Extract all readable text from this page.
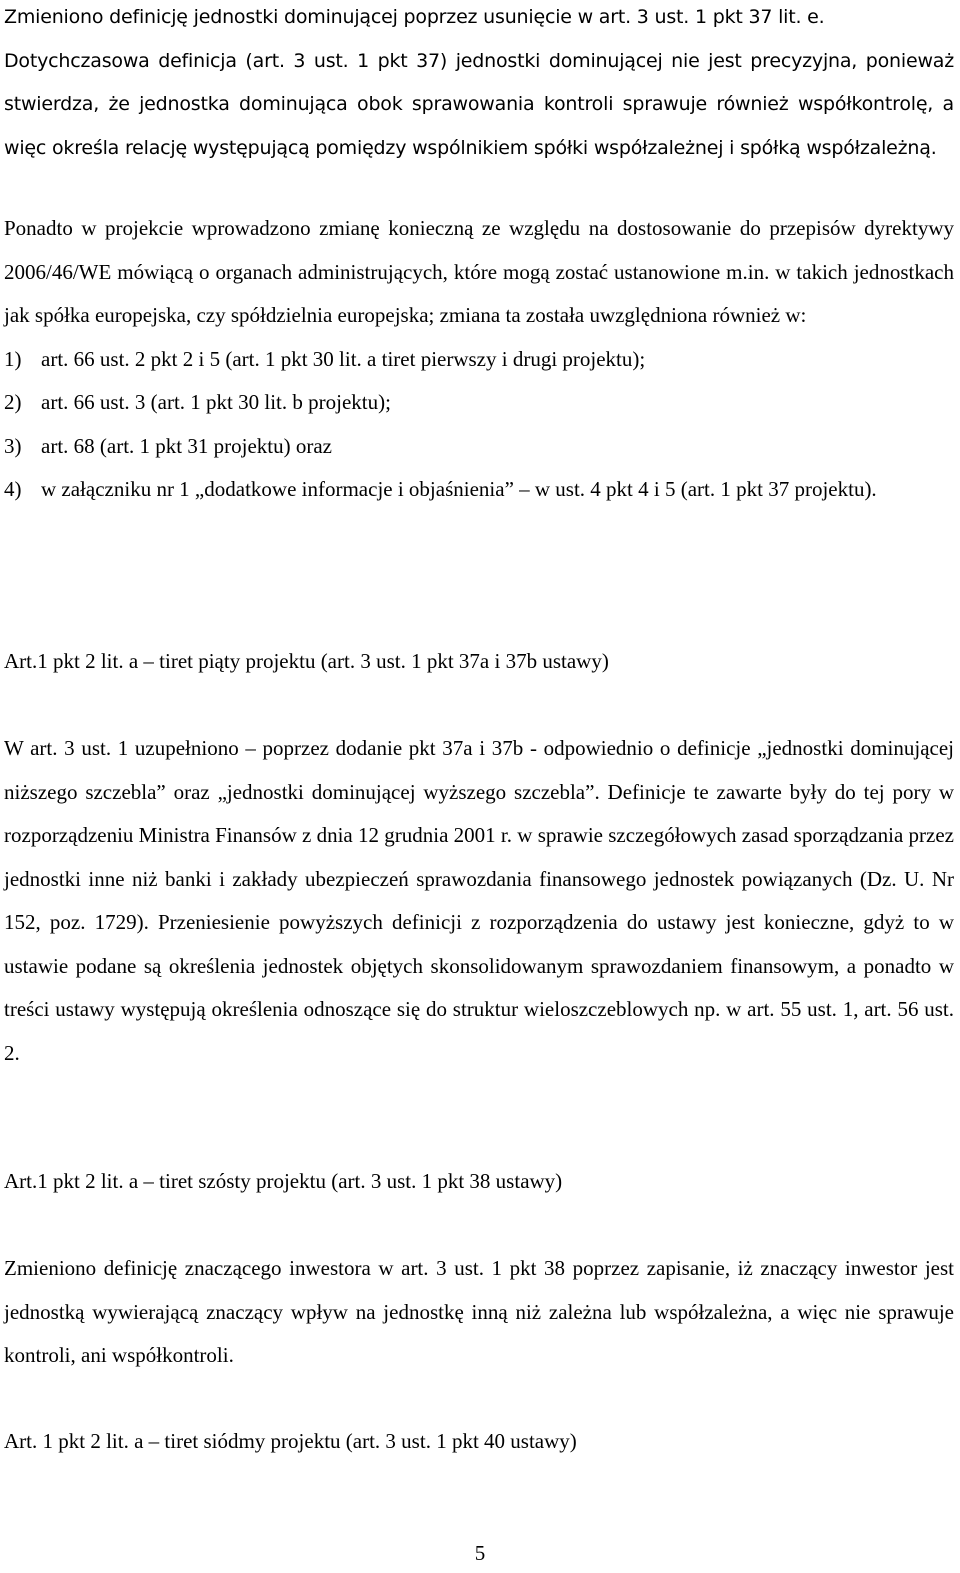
Zmieniono definicję jednostki dominującej poprzez usunięcie w art. 3 ust. 1 pkt 37 lit. e.

Dotychczasowa definicja (art. 3 ust. 1 pkt 37) jednostki dominującej nie jest precyzyjna, ponieważ stwierdza, że jednostka dominująca obok sprawowania kontroli sprawuje również współkontrolę, a więc określa relację występującą pomiędzy wspólnikiem spółki współzależnej i spółką współzależną.

Ponadto w projekcie wprowadzono zmianę konieczną ze względu na dostosowanie do przepisów dyrektywy 2006/46/WE mówiącą o organach administrujących, które mogą zostać ustanowione m.in. w takich jednostkach jak spółka europejska, czy spółdzielnia europejska; zmiana ta została uwzględniona również w:

1) art. 66 ust. 2 pkt 2 i 5 (art. 1 pkt 30 lit. a tiret pierwszy i drugi projektu);
2) art. 66 ust. 3 (art. 1 pkt 30 lit. b projektu);
3) art. 68 (art. 1 pkt 31 projektu) oraz
4) w załączniku nr 1 „dodatkowe informacje i objaśnienia” – w ust. 4 pkt 4 i 5 (art. 1 pkt 37 projektu).

Art.1 pkt 2 lit. a – tiret piąty projektu (art. 3 ust. 1 pkt 37a i 37b ustawy)

W art. 3 ust. 1 uzupełniono – poprzez dodanie pkt 37a i 37b - odpowiednio o definicje „jednostki dominującej niższego szczebla” oraz „jednostki dominującej wyższego szczebla”. Definicje te zawarte były do tej pory w rozporządzeniu Ministra Finansów z dnia 12 grudnia 2001 r. w sprawie szczegółowych zasad sporządzania przez jednostki inne niż banki i zakłady ubezpieczeń sprawozdania finansowego jednostek powiązanych (Dz. U. Nr 152, poz. 1729). Przeniesienie powyższych definicji z rozporządzenia do ustawy jest konieczne, gdyż to w ustawie podane są określenia jednostek objętych skonsolidowanym sprawozdaniem finansowym, a ponadto w treści ustawy występują określenia odnoszące się do struktur wieloszczeblowych np. w art. 55 ust. 1, art. 56 ust. 2.

Art.1 pkt 2 lit. a – tiret szósty projektu (art. 3 ust. 1 pkt 38 ustawy)

Zmieniono definicję znaczącego inwestora w art. 3 ust. 1 pkt 38 poprzez zapisanie, iż znaczący inwestor jest jednostką wywierającą znaczący wpływ na jednostkę inną niż zależna lub współzależna, a więc nie sprawuje kontroli, ani współkontroli.

Art. 1 pkt 2 lit. a – tiret siódmy projektu (art. 3 ust. 1 pkt 40 ustawy)

5
